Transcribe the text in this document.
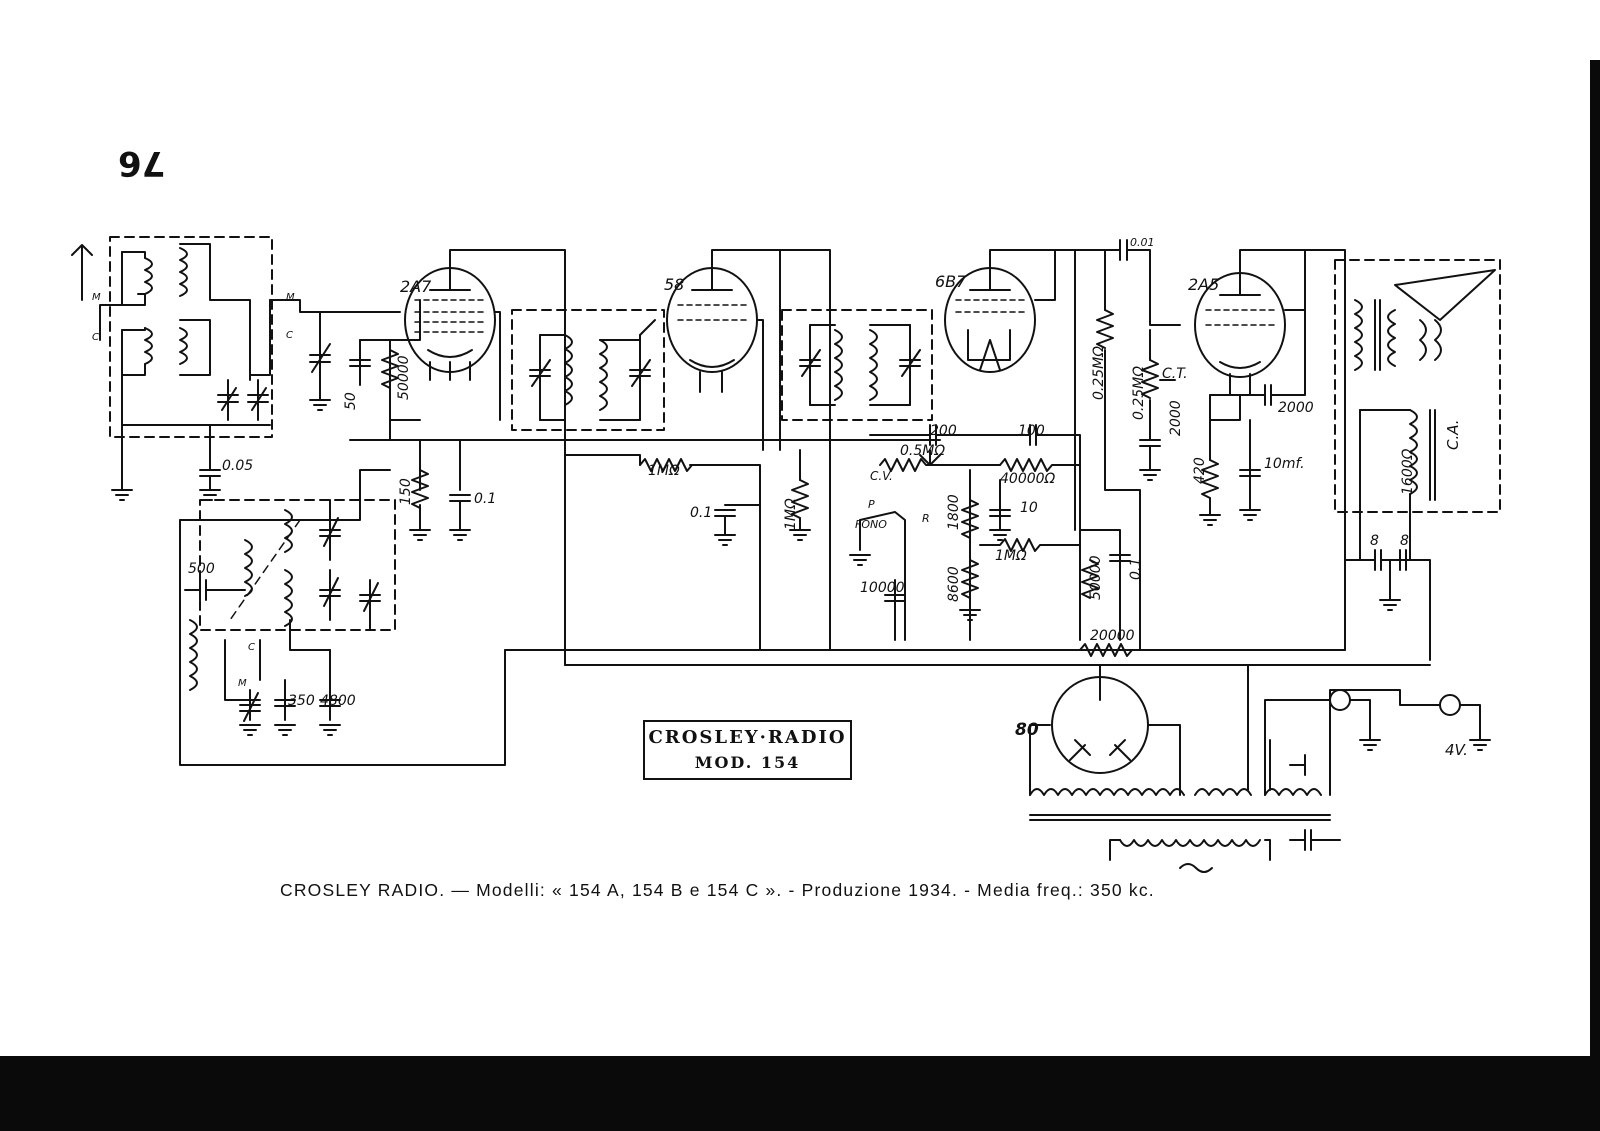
76
2A7	58	6B7	2A5
80
0.05
50
50000
150	0.1
1MΩ
0.1	1MΩ
500
350 4800
200	100
0.5MΩ
C.V.	40000Ω
10
1MΩ
1800
8600
10000	50000 0.1
20000
0.25MΩ 0.25MΩ C.T.
2000
420	10mf.
2000
0.01
1600Ω
C.A.
8 8
4V.
P
FONO	R
M
C
M
C
C
M
CROSLEY·RADIO
MOD. 154
CROSLEY RADIO. — Modelli: « 154 A, 154 B e 154 C ». - Produzione 1934. - Media freq.: 350 kc.
